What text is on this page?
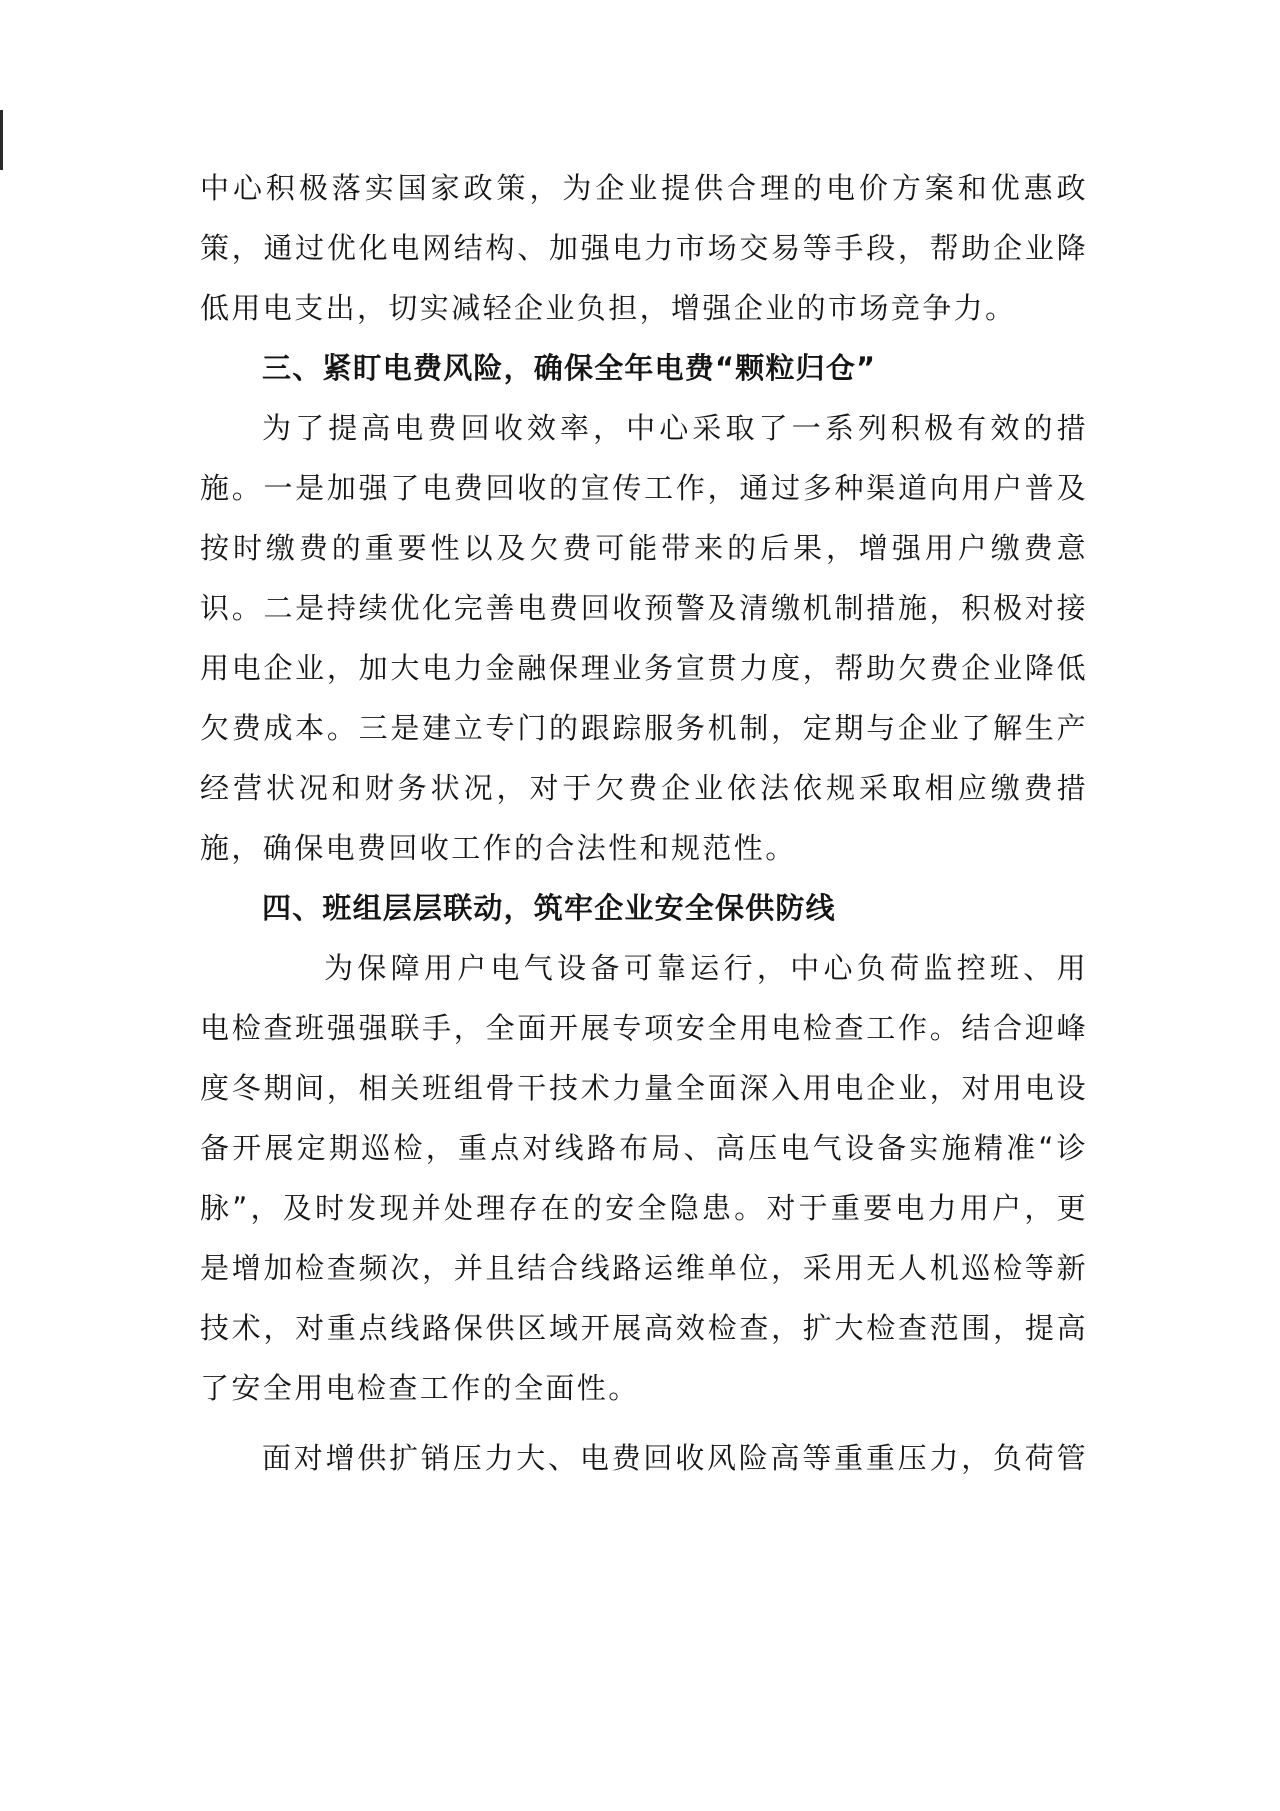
中心积极落实国家政策，为企业提供合理的电价方案和优惠政
策，通过优化电网结构、加强电力市场交易等手段，帮助企业降
低用电支出，切实减轻企业负担，增强企业的市场竞争力。
三、紧盯电费风险，确保全年电费“颗粒归仓”
为了提高电费回收效率，中心采取了一系列积极有效的措
施。一是加强了电费回收的宣传工作，通过多种渠道向用户普及
按时缴费的重要性以及欠费可能带来的后果，增强用户缴费意
识。二是持续优化完善电费回收预警及清缴机制措施，积极对接
用电企业，加大电力金融保理业务宣贯力度，帮助欠费企业降低
欠费成本。三是建立专门的跟踪服务机制，定期与企业了解生产
经营状况和财务状况，对于欠费企业依法依规采取相应缴费措
施，确保电费回收工作的合法性和规范性。
四、班组层层联动，筑牢企业安全保供防线
为保障用户电气设备可靠运行，中心负荷监控班、用
电检查班强强联手，全面开展专项安全用电检查工作。结合迎峰
度冬期间，相关班组骨干技术力量全面深入用电企业，对用电设
备开展定期巡检，重点对线路布局、高压电气设备实施精准“诊
脉”，及时发现并处理存在的安全隐患。对于重要电力用户，更
是增加检查频次，并且结合线路运维单位，采用无人机巡检等新
技术，对重点线路保供区域开展高效检查，扩大检查范围，提高
了安全用电检查工作的全面性。
面对增供扩销压力大、电费回收风险高等重重压力，负荷管
